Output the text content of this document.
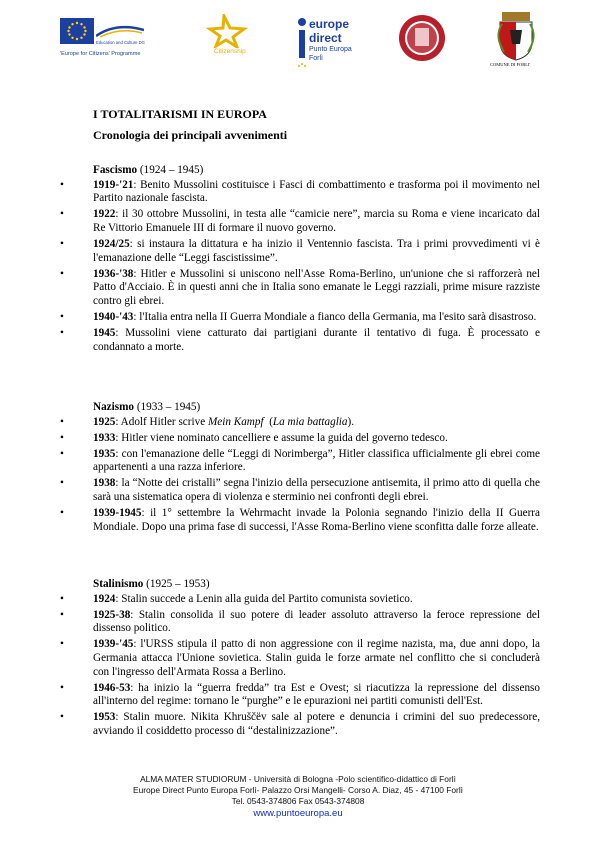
Education and Culture DG
'Europe for Citizens' Programme	Citizenship
europe
direct
Punto Europa
Forlì
COMUNE DI FORLI'
I TOTALITARISMI IN EUROPA
Cronologia dei principali avvenimenti
Fascismo (1924 – 1945)
•	1919-'21: Benito Mussolini costituisce i Fasci di combattimento e trasforma poi il movimento nel Partito nazionale fascista.
•	1922: il 30 ottobre Mussolini, in testa alle “camicie nere”, marcia su Roma e viene incaricato dal Re Vittorio Emanuele III di formare il nuovo governo.
•	1924/25: si instaura la dittatura e ha inizio il Ventennio fascista. Tra i primi provvedimenti vi è l'emanazione delle “Leggi fascistissime”.
•	1936-'38: Hitler e Mussolini si uniscono nell'Asse Roma-Berlino, un'unione che si rafforzerà nel Patto d'Acciaio. È in questi anni che in Italia sono emanate le Leggi razziali, prime misure razziste contro gli ebrei.
•	1940-'43: l'Italia entra nella II Guerra Mondiale a fianco della Germania, ma l'esito sarà disastroso.
•	1945: Mussolini viene catturato dai partigiani durante il tentativo di fuga. È processato e condannato a morte.
Nazismo (1933 – 1945)
•	1925: Adolf Hitler scrive Mein Kampf  (La mia battaglia).
•	1933: Hitler viene nominato cancelliere e assume la guida del governo tedesco.
•	1935: con l'emanazione delle “Leggi di Norimberga”, Hitler classifica ufficialmente gli ebrei come appartenenti a una razza inferiore.
•	1938: la “Notte dei cristalli” segna l'inizio della persecuzione antisemita, il primo atto di quella che sarà una sistematica opera di violenza e sterminio nei confronti degli ebrei.
•	1939-1945: il 1° settembre la Wehrmacht invade la Polonia segnando l'inizio della II Guerra Mondiale. Dopo una prima fase di successi, l'Asse Roma-Berlino viene sconfitta dalle forze alleate.
Stalinismo (1925 – 1953)
•	1924: Stalin succede a Lenin alla guida del Partito comunista sovietico.
•	1925-38: Stalin consolida il suo potere di leader assoluto attraverso la feroce repressione del dissenso politico.
•	1939-'45: l'URSS stipula il patto di non aggressione con il regime nazista, ma, due anni dopo, la Germania attacca l'Unione sovietica. Stalin guida le forze armate nel conflitto che si concluderà con l'ingresso dell'Armata Rossa a Berlino.
•	1946-53: ha inizio la “guerra fredda” tra Est e Ovest; si riacutizza la repressione del dissenso all'interno del regime: tornano le “purghe” e le epurazioni nei partiti comunisti dell'Est.
•	1953: Stalin muore. Nikita Khruščëv sale al potere e denuncia i crimini del suo predecessore, avviando il cosiddetto processo di “destalinizzazione”.
ALMA MATER STUDIORUM - Università di Bologna -Polo scientifico-didattico di Forlì
Europe Direct Punto Europa Forlì- Palazzo Orsi Mangelli- Corso A. Diaz, 45 - 47100 Forlì
Tel. 0543-374806 Fax 0543-374808
www.puntoeuropa.eu
